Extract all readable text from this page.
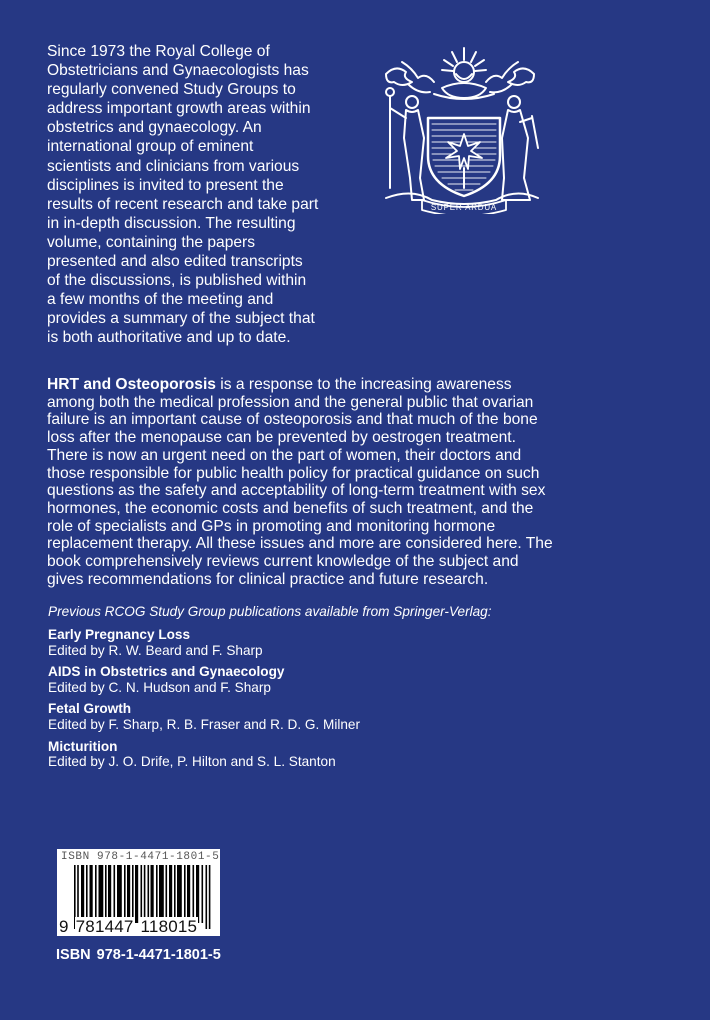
Since 1973 the Royal College of
Obstetricians and Gynaecologists has
regularly convened Study Groups to
address important growth areas within
obstetrics and gynaecology. An
international group of eminent
scientists and clinicians from various
disciplines is invited to present the
results of recent research and take part
in in-depth discussion. The resulting
volume, containing the papers
presented and also edited transcripts
of the discussions, is published within
a few months of the meeting and
provides a summary of the subject that
is both authoritative and up to date.

SUPER ARDUA

HRT and Osteoporosis is a response to the increasing awareness
among both the medical profession and the general public that ovarian
failure is an important cause of osteoporosis and that much of the bone
loss after the menopause can be prevented by oestrogen treatment.
There is now an urgent need on the part of women, their doctors and
those responsible for public health policy for practical guidance on such
questions as the safety and acceptability of long-term treatment with sex
hormones, the economic costs and benefits of such treatment, and the
role of specialists and GPs in promoting and monitoring hormone
replacement therapy. All these issues and more are considered here. The
book comprehensively reviews current knowledge of the subject and
gives recommendations for clinical practice and future research.

Previous RCOG Study Group publications available from Springer-Verlag:

Early Pregnancy Loss
Edited by R. W. Beard and F. Sharp

AIDS in Obstetrics and Gynaecology
Edited by C. N. Hudson and F. Sharp

Fetal Growth
Edited by F. Sharp, R. B. Fraser and R. D. G. Milner

Micturition
Edited by J. O. Drife, P. Hilton and S. L. Stanton

ISBN 978-1-4471-1801-5
9 781447 118015
ISBN 978-1-4471-1801-5
